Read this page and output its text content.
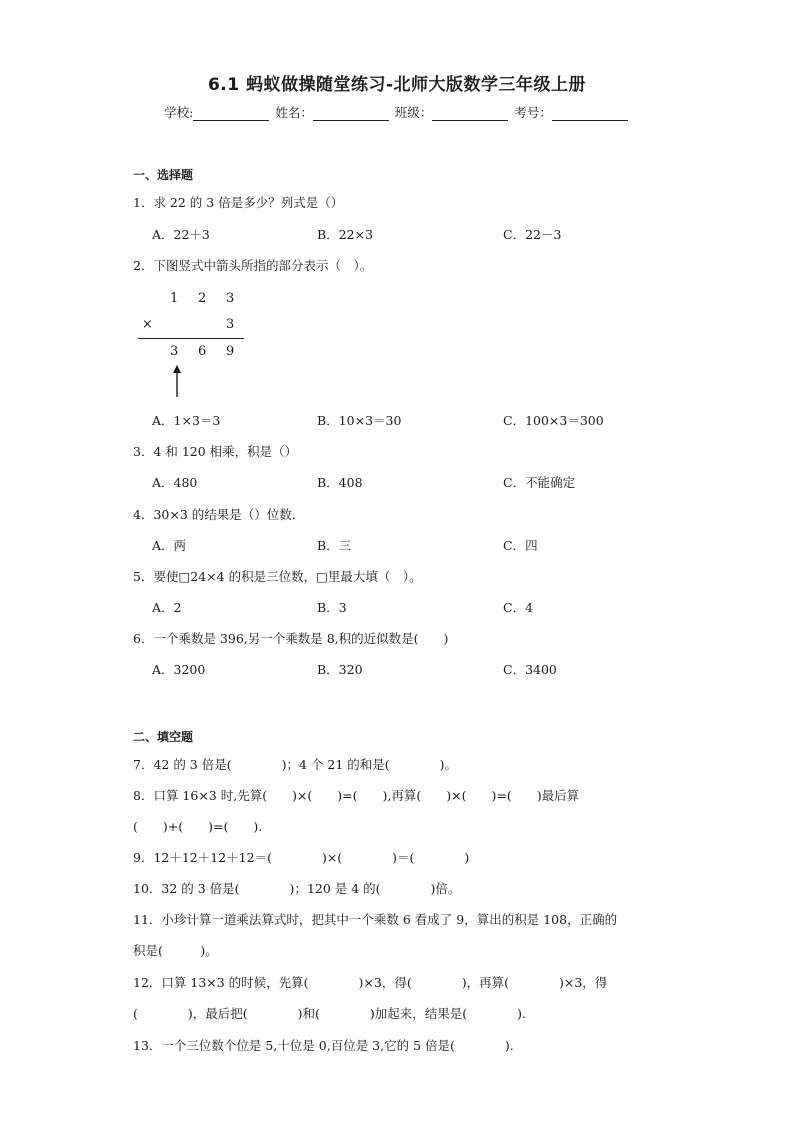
6.1 蚂蚁做操随堂练习-北师大版数学三年级上册
学校:	姓名：	班级：	考号：
一、选择题
1．求 22 的 3 倍是多少？列式是（）
A．22＋3	B．22×3	C．22－3
2．下图竖式中箭头所指的部分表示（　）。
1 2 3
×	3
3 6 9
A．1×3＝3	B．10×3＝30	C．100×3＝300
3．4 和 120 相乘，积是（）
A．480	B．408	C．不能确定
4．30×3 的结果是（）位数．
A．两	B．三	C．四
5．要使□24×4 的积是三位数，□里最大填（　）。
A．2	B．3	C．4
6．一个乘数是 396,另一个乘数是 8,积的近似数是(　　)
A．3200	B．320	C．3400
二、填空题
7．42 的 3 倍是(　　　　)；4 个 21 的和是(　　　　)。
8．口算 16×3 时,先算(　　)×(　　)=(　　),再算(　　)×(　　)=(　　)最后算
(　　)+(　　)=(　　).
9．12＋12＋12＋12＝(　　　　)×(　　　　)＝(　　　　)
10．32 的 3 倍是(　　　　)；120 是 4 的(　　　　)倍。
11．小珍计算一道乘法算式时，把其中一个乘数 6 看成了 9，算出的积是 108，正确的
积是(　　　)。
12．口算 13×3 的时候，先算(　　　　)×3，得(　　　　)，再算(　　　　)×3，得
(　　　　)，最后把(　　　　)和(　　　　)加起来，结果是(　　　　).
13．一个三位数个位是 5,十位是 0,百位是 3,它的 5 倍是(　　　　).
